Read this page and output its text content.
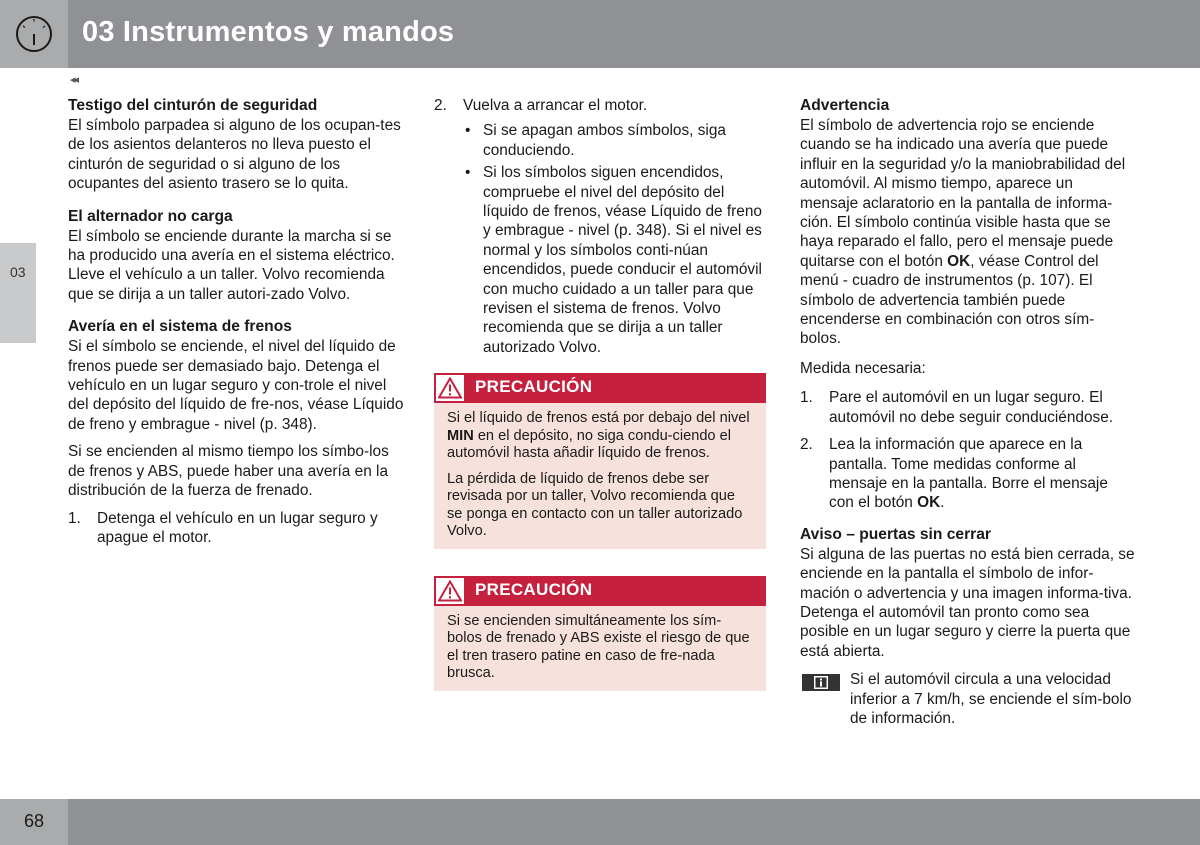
03 Instrumentos y mandos
03
◂◂
Testigo del cinturón de seguridad

El símbolo parpadea si alguno de los ocupan-tes de los asientos delanteros no lleva puesto el cinturón de seguridad o si alguno de los ocupantes del asiento trasero se lo quita.

El alternador no carga

El símbolo se enciende durante la marcha si se ha producido una avería en el sistema eléctrico. Lleve el vehículo a un taller. Volvo recomienda que se dirija a un taller autori-zado Volvo.

Avería en el sistema de frenos

Si el símbolo se enciende, el nivel del líquido de frenos puede ser demasiado bajo. Detenga el vehículo en un lugar seguro y con-trole el nivel del depósito del líquido de fre-nos, véase Líquido de freno y embrague - nivel (p. 348).

Si se encienden al mismo tiempo los símbo-los de frenos y ABS, puede haber una avería en la distribución de la fuerza de frenado.

1. Detenga el vehículo en un lugar seguro y apague el motor.
2. Vuelva a arrancar el motor.
• Si se apagan ambos símbolos, siga conduciendo.
• Si los símbolos siguen encendidos, compruebe el nivel del depósito del líquido de frenos, véase Líquido de freno y embrague - nivel (p. 348). Si el nivel es normal y los símbolos conti-núan encendidos, puede conducir el automóvil con mucho cuidado a un taller para que revisen el sistema de frenos. Volvo recomienda que se dirija a un taller autorizado Volvo.
PRECAUCIÓN

Si el líquido de frenos está por debajo del nivel MIN en el depósito, no siga condu-ciendo el automóvil hasta añadir líquido de frenos.

La pérdida de líquido de frenos debe ser revisada por un taller, Volvo recomienda que se ponga en contacto con un taller autorizado Volvo.

PRECAUCIÓN

Si se encienden simultáneamente los sím-bolos de frenado y ABS existe el riesgo de que el tren trasero patine en caso de fre-nada brusca.

Advertencia

El símbolo de advertencia rojo se enciende cuando se ha indicado una avería que puede influir en la seguridad y/o la maniobrabilidad del automóvil. Al mismo tiempo, aparece un mensaje aclaratorio en la pantalla de informa-ción. El símbolo continúa visible hasta que se haya reparado el fallo, pero el mensaje puede quitarse con el botón OK, véase Control del menú - cuadro de instrumentos (p. 107). El símbolo de advertencia también puede encenderse en combinación con otros sím-bolos.

Medida necesaria:

1. Pare el automóvil en un lugar seguro. El automóvil no debe seguir conduciéndose.
2. Lea la información que aparece en la pantalla. Tome medidas conforme al mensaje en la pantalla. Borre el mensaje con el botón OK.
Aviso – puertas sin cerrar

Si alguna de las puertas no está bien cerrada, se enciende en la pantalla el símbolo de infor-mación o advertencia y una imagen informa-tiva. Detenga el automóvil tan pronto como sea posible en un lugar seguro y cierre la puerta que está abierta.

Si el automóvil circula a una velocidad inferior a 7 km/h, se enciende el sím-bolo de información.
68
